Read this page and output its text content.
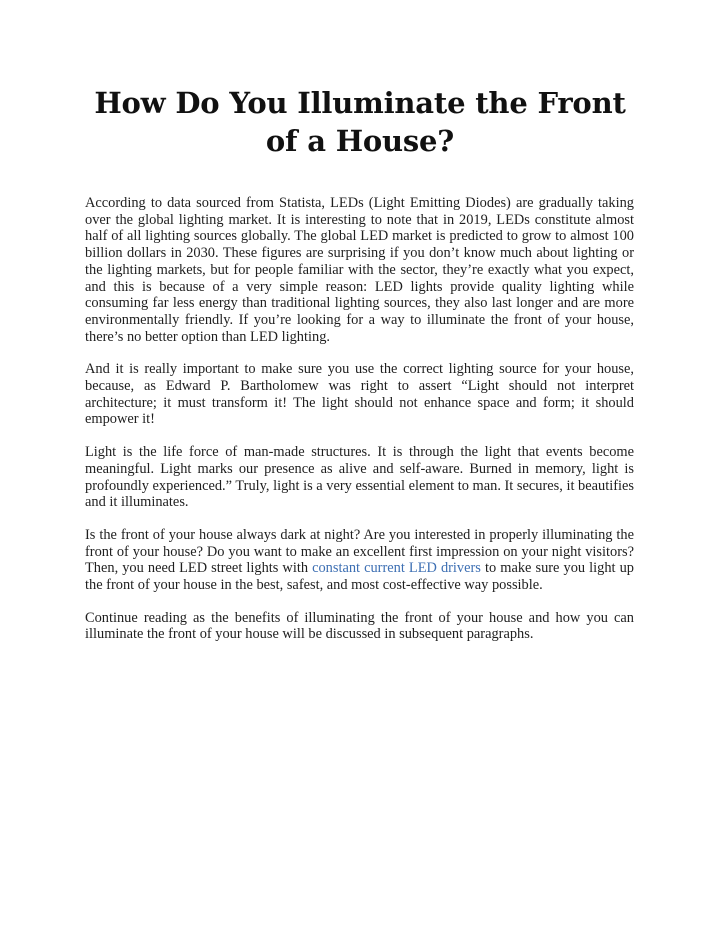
How Do You Illuminate the Front of a House?

According to data sourced from Statista, LEDs (Light Emitting Diodes) are gradually taking over the global lighting market. It is interesting to note that in 2019, LEDs constitute almost half of all lighting sources globally. The global LED market is predicted to grow to almost 100 billion dollars in 2030. These figures are surprising if you don’t know much about lighting or the lighting markets, but for people familiar with the sector, they’re exactly what you expect, and this is because of a very simple reason: LED lights provide quality lighting while consuming far less energy than traditional lighting sources, they also last longer and are more environmentally friendly. If you’re looking for a way to illuminate the front of your house, there’s no better option than LED lighting.

And it is really important to make sure you use the correct lighting source for your house, because, as Edward P. Bartholomew was right to assert “Light should not interpret architecture; it must transform it! The light should not enhance space and form; it should empower it!

Light is the life force of man-made structures. It is through the light that events become meaningful. Light marks our presence as alive and self-aware. Burned in memory, light is profoundly experienced.” Truly, light is a very essential element to man. It secures, it beautifies and it illuminates.

Is the front of your house always dark at night? Are you interested in properly illuminating the front of your house? Do you want to make an excellent first impression on your night visitors? Then, you need LED street lights with constant current LED drivers to make sure you light up the front of your house in the best, safest, and most cost-effective way possible.

Continue reading as the benefits of illuminating the front of your house and how you can illuminate the front of your house will be discussed in subsequent paragraphs.
